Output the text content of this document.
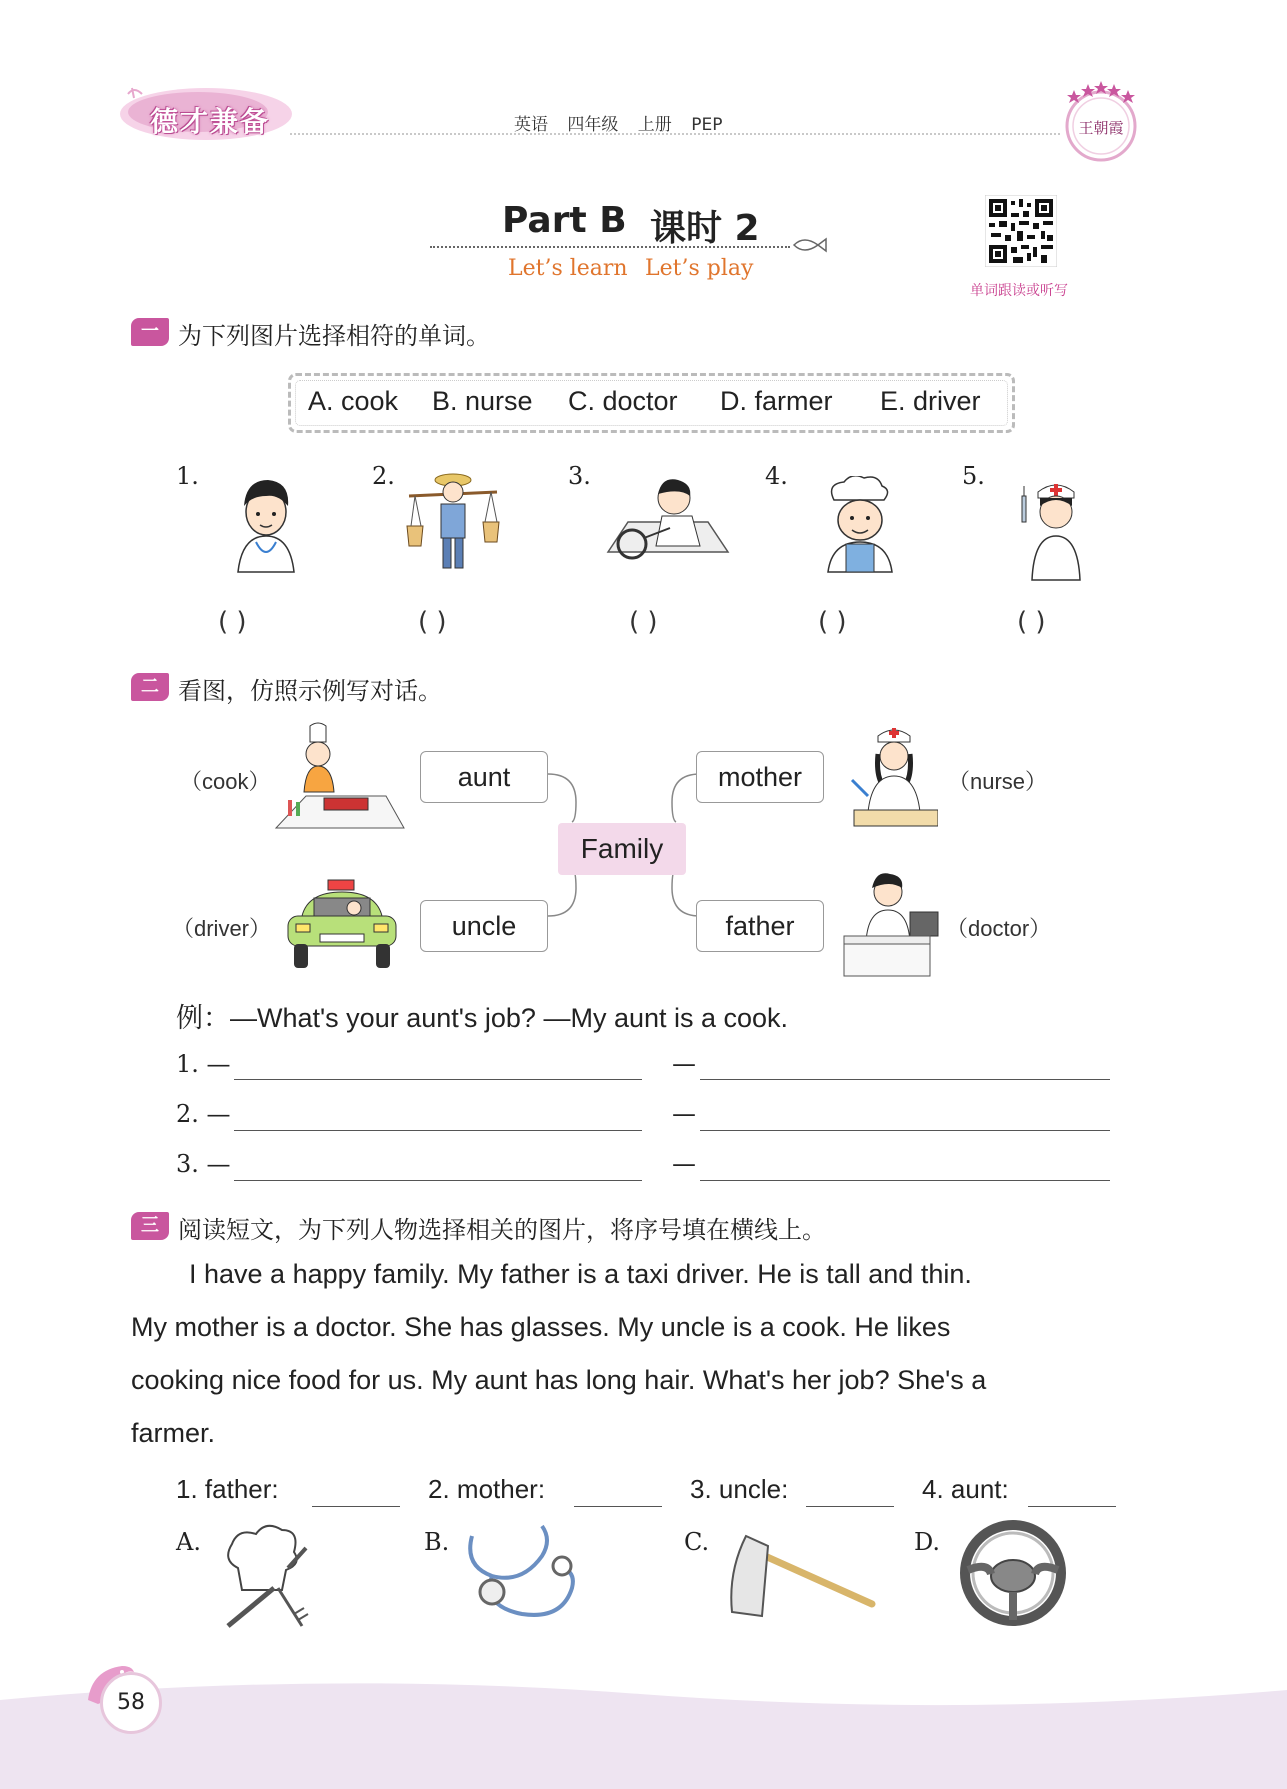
德才兼备	英语 四年级 上册 PEP	王朝霞
Part B 课时 2
Let’s learn Let’s play
单词跟读或听写
一 为下列图片选择相符的单词。
A. cook B. nurse C. doctor D. farmer E. driver
1.	2.	3.	4.	5.
( )	( )	( )	( )	( )
二 看图，仿照示例写对话。
aunt	mother
uncle	father
Family
（cook）	（nurse）
（driver）	（doctor）
例：—What's your aunt's job? —My aunt is a cook.
1. —	—
2. —	—
3. —	—
三 阅读短文，为下列人物选择相关的图片，将序号填在横线上。
I have a happy family. My father is a taxi driver. He is tall and thin.
My mother is a doctor. She has glasses. My uncle is a cook. He likes
cooking nice food for us. My aunt has long hair. What's her job? She's a
farmer.
1. father:	2. mother:	3. uncle:	4. aunt:
A.	B.	C.	D.
58
